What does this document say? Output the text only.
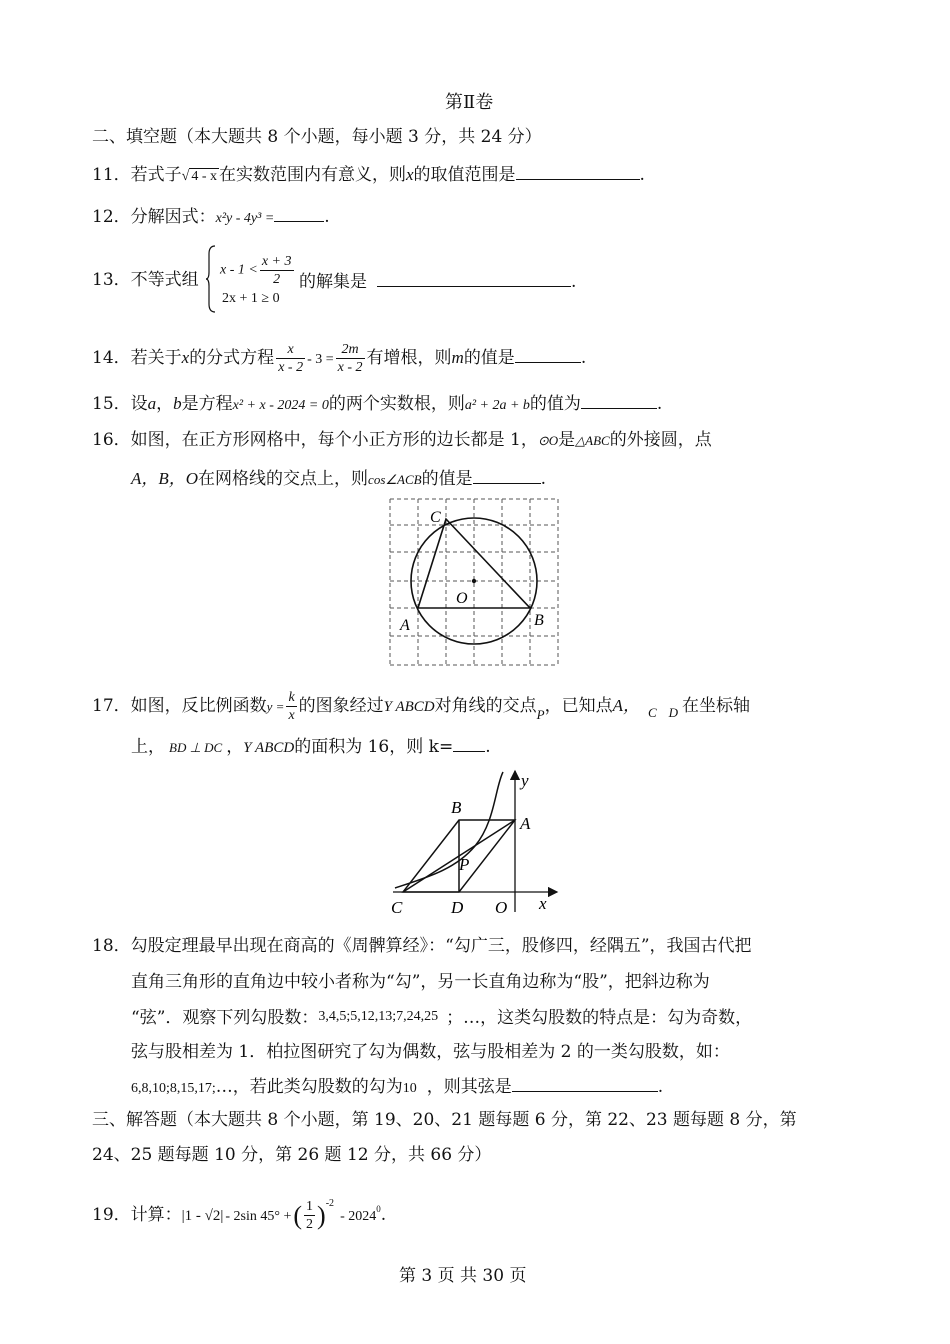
第Ⅱ卷
二、填空题（本大题共 8 个小题，每小题 3 分，共 24 分）
11．若式子√ 4 - x 在实数范围内有意义，则x的取值范围是	.
12．分解因式：x²y - 4y³ =	.
13．不等式组 $x - 1 < \frac{x + 3}{2}$
2x + 1 ≥ 0
的解集是	.
14．若关于x的分式方程 $\frac{x}{x - 2} - 3 = \frac{2m}{x - 2}$ 有增根，则m的值是	.
15．设a，b是方程x² + x - 2024 = 0的两个实数根，则a² + 2a + b的值为	.
16．如图，在正方形网格中，每个小正方形的边长都是 1，⊙O是△ABC的外接圆，点
A，B，O在网格线的交点上，则cos∠ACB的值是	.
C
O
A	B
17．如图，反比例函数$y = \frac{k}{x}$ 的图象经过Y ABCD对角线的交点$_P$，已知点A， $_C$ $_D$ 在坐标轴
上， BD ⊥ DC ，Y ABCD的面积为 16，则 k= .
y
B
A
P
C	D O x
18．勾股定理最早出现在商高的《周髀算经》：“勾广三，股修四，经隅五”，我国古代把
直角三角形的直角边中较小者称为“勾”，另一长直角边称为“股”，把斜边称为
“弦”．观察下列勾股数：3,4,5;5,12,13;7,24,25 ；…，这类勾股数的特点是：勾为奇数，
弦与股相差为 1．柏拉图研究了勾为偶数，弦与股相差为 2 的一类勾股数，如：
6,8,10;8,15,17;…，若此类勾股数的勾为10 ，则其弦是	.
三、解答题（本大题共 8 个小题，第 19、20、21 题每题 6 分，第 22、23 题每题 8 分，第
24、25 题每题 10 分，第 26 题 12 分，共 66 分）
19．计算：|1 - √2| - 2sin 45° +( $\frac{1}{2} )^{-2}-$ 2024$^0$.
第 3 页 共 30 页
